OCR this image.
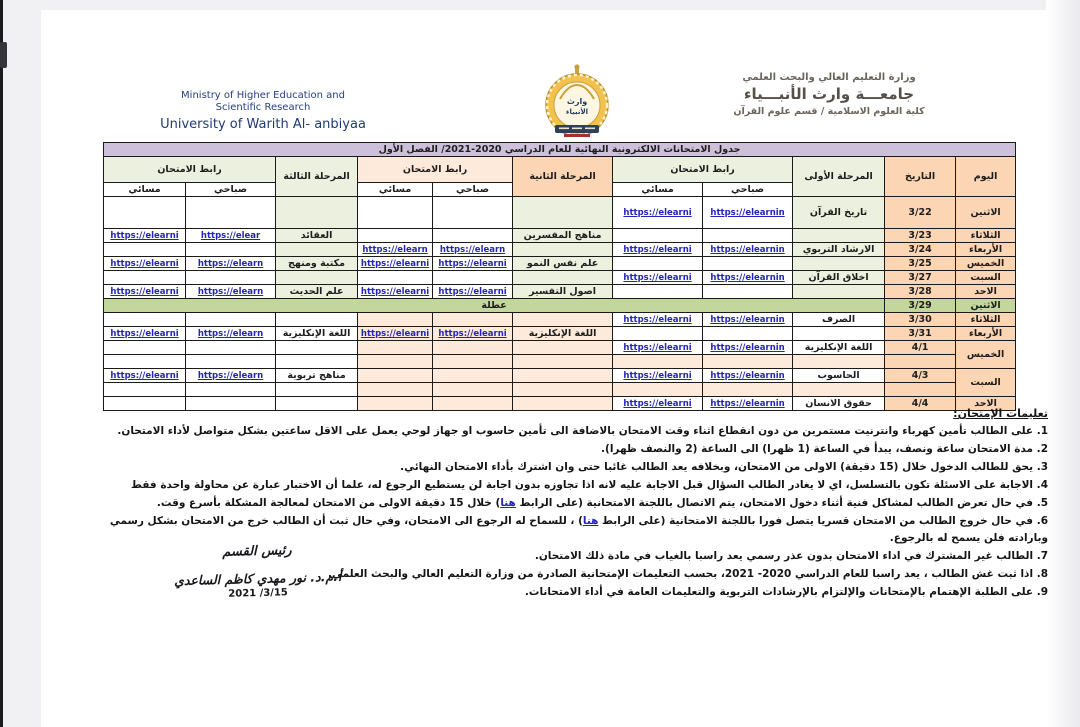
Ministry of Higher Education and
Scientific Research
University of Warith Al- anbiyaa
وارث
الأنبياء
وزارة التعليم العالي والبحث العلمي
جامعـــة وارث الأنبـــياء
كلية العلوم الاسلامية / قسم علوم القرآن
جدول الامتحانات الالكترونية النهائية للعام الدراسي 2020-2021/ الفصل الأول										
اليوم	التاريخ	المرحلة الأولى	رابط الامتحان		المرحلة الثانية	رابط الامتحان		المرحلة الثالثة	رابط الامتحان	
			صباحي	مسائي		صباحي	مسائي		صباحي	مسائي
الاثنين	3/22	تاريخ القرآن	https://elearnin	https://elearni						
الثلاثاء	3/23				مناهج المفسرين			العقائد	https://elear	https://elearni
الأربعاء	3/24	الارشاد التربوي	https://elearnin	https://elearni		https://elearn	https://elearn			
الخميس	3/25				علم نفس النمو	https://elearni	https://elearni	مكتبة ومنهج	https://elearn	https://elearni
السبت	3/27	اخلاق القرآن	https://elearnin	https://elearni						
الاحد	3/28				اصول التفسير	https://elearni	https://elearni	علم الحديث	https://elearn	https://elearni
الاثنين	3/29	عطلة								
الثلاثاء	3/30	الصرف	https://elearnin	https://elearni						
الأربعاء	3/31				اللغة الإنكليزية	https://elearni	https://elearni	اللغة الإنكليزية	https://elearn	https://elearni
الخميس	4/1	اللغة الإنكليزية	https://elearnin	https://elearni						

السبت	4/3	الحاسوب	https://elearnin	https://elearni				مناهج تربوية	https://elearn	https://elearni

الاحد	4/4	حقوق الانسان	https://elearnin	https://elearni						
تعليمات الإمتحان:
1. على الطالب تأمين كهرباء وانترنيت مستمرين من دون انقطاع اثناء وقت الامتحان بالاضافة الى تأمين حاسوب او جهاز لوحي يعمل على الاقل ساعتين بشكل متواصل لأداء الامتحان.
2. مدة الامتحان ساعة ونصف، يبدأ في الساعة (1 ظهرا) الى الساعة (2 والنصف ظهرا).
3. يحق للطالب الدخول خلال (15 دقيقة) الاولى من الامتحان، وبخلافه يعد الطالب غائبا حتى وان اشترك بأداء الامتحان النهائي.
4. الاجابة على الاسئلة تكون بالتسلسل، اي لا يغادر الطالب السؤال قبل الاجابة عليه لانه اذا تجاوزه بدون اجابة لن يستطيع الرجوع له، علما أن الاختبار عبارة عن محاولة واحدة فقط
5. في حال تعرض الطالب لمشاكل فنية أثناء دخول الامتحان، يتم الاتصال باللجنة الامتحانية (على الرابط هنا) خلال 15 دقيقة الاولى من الامتحان لمعالجة المشكلة بأسرع وقت.
6. في حال خروج الطالب من الامتحان قسريا يتصل فورا باللجنة الامتحانية (على الرابط هنا) ، للسماح له الرجوع الى الامتحان، وفي حال ثبت أن الطالب خرج من الامتحان بشكل رسمي وبارادته فلن يسمح له بالرجوع.
7. الطالب غير المشترك في اداء الامتحان بدون عذر رسمي يعد راسبا بالغياب في مادة ذلك الامتحان.
8. اذا ثبت غش الطالب ، يعد راسبا للعام الدراسي 2020- 2021، بحسب التعليمات الإمتحانية الصادرة من وزارة التعليم العالي والبحث العلمي.
9. على الطلبة الإهتمام بالإمتحانات والإلتزام بالإرشادات التربوية والتعليمات العامة في أداء الامتحانات.
رئيس القسم
أ.م.د. نور مهدي كاظم الساعدي
2021 /3/15
